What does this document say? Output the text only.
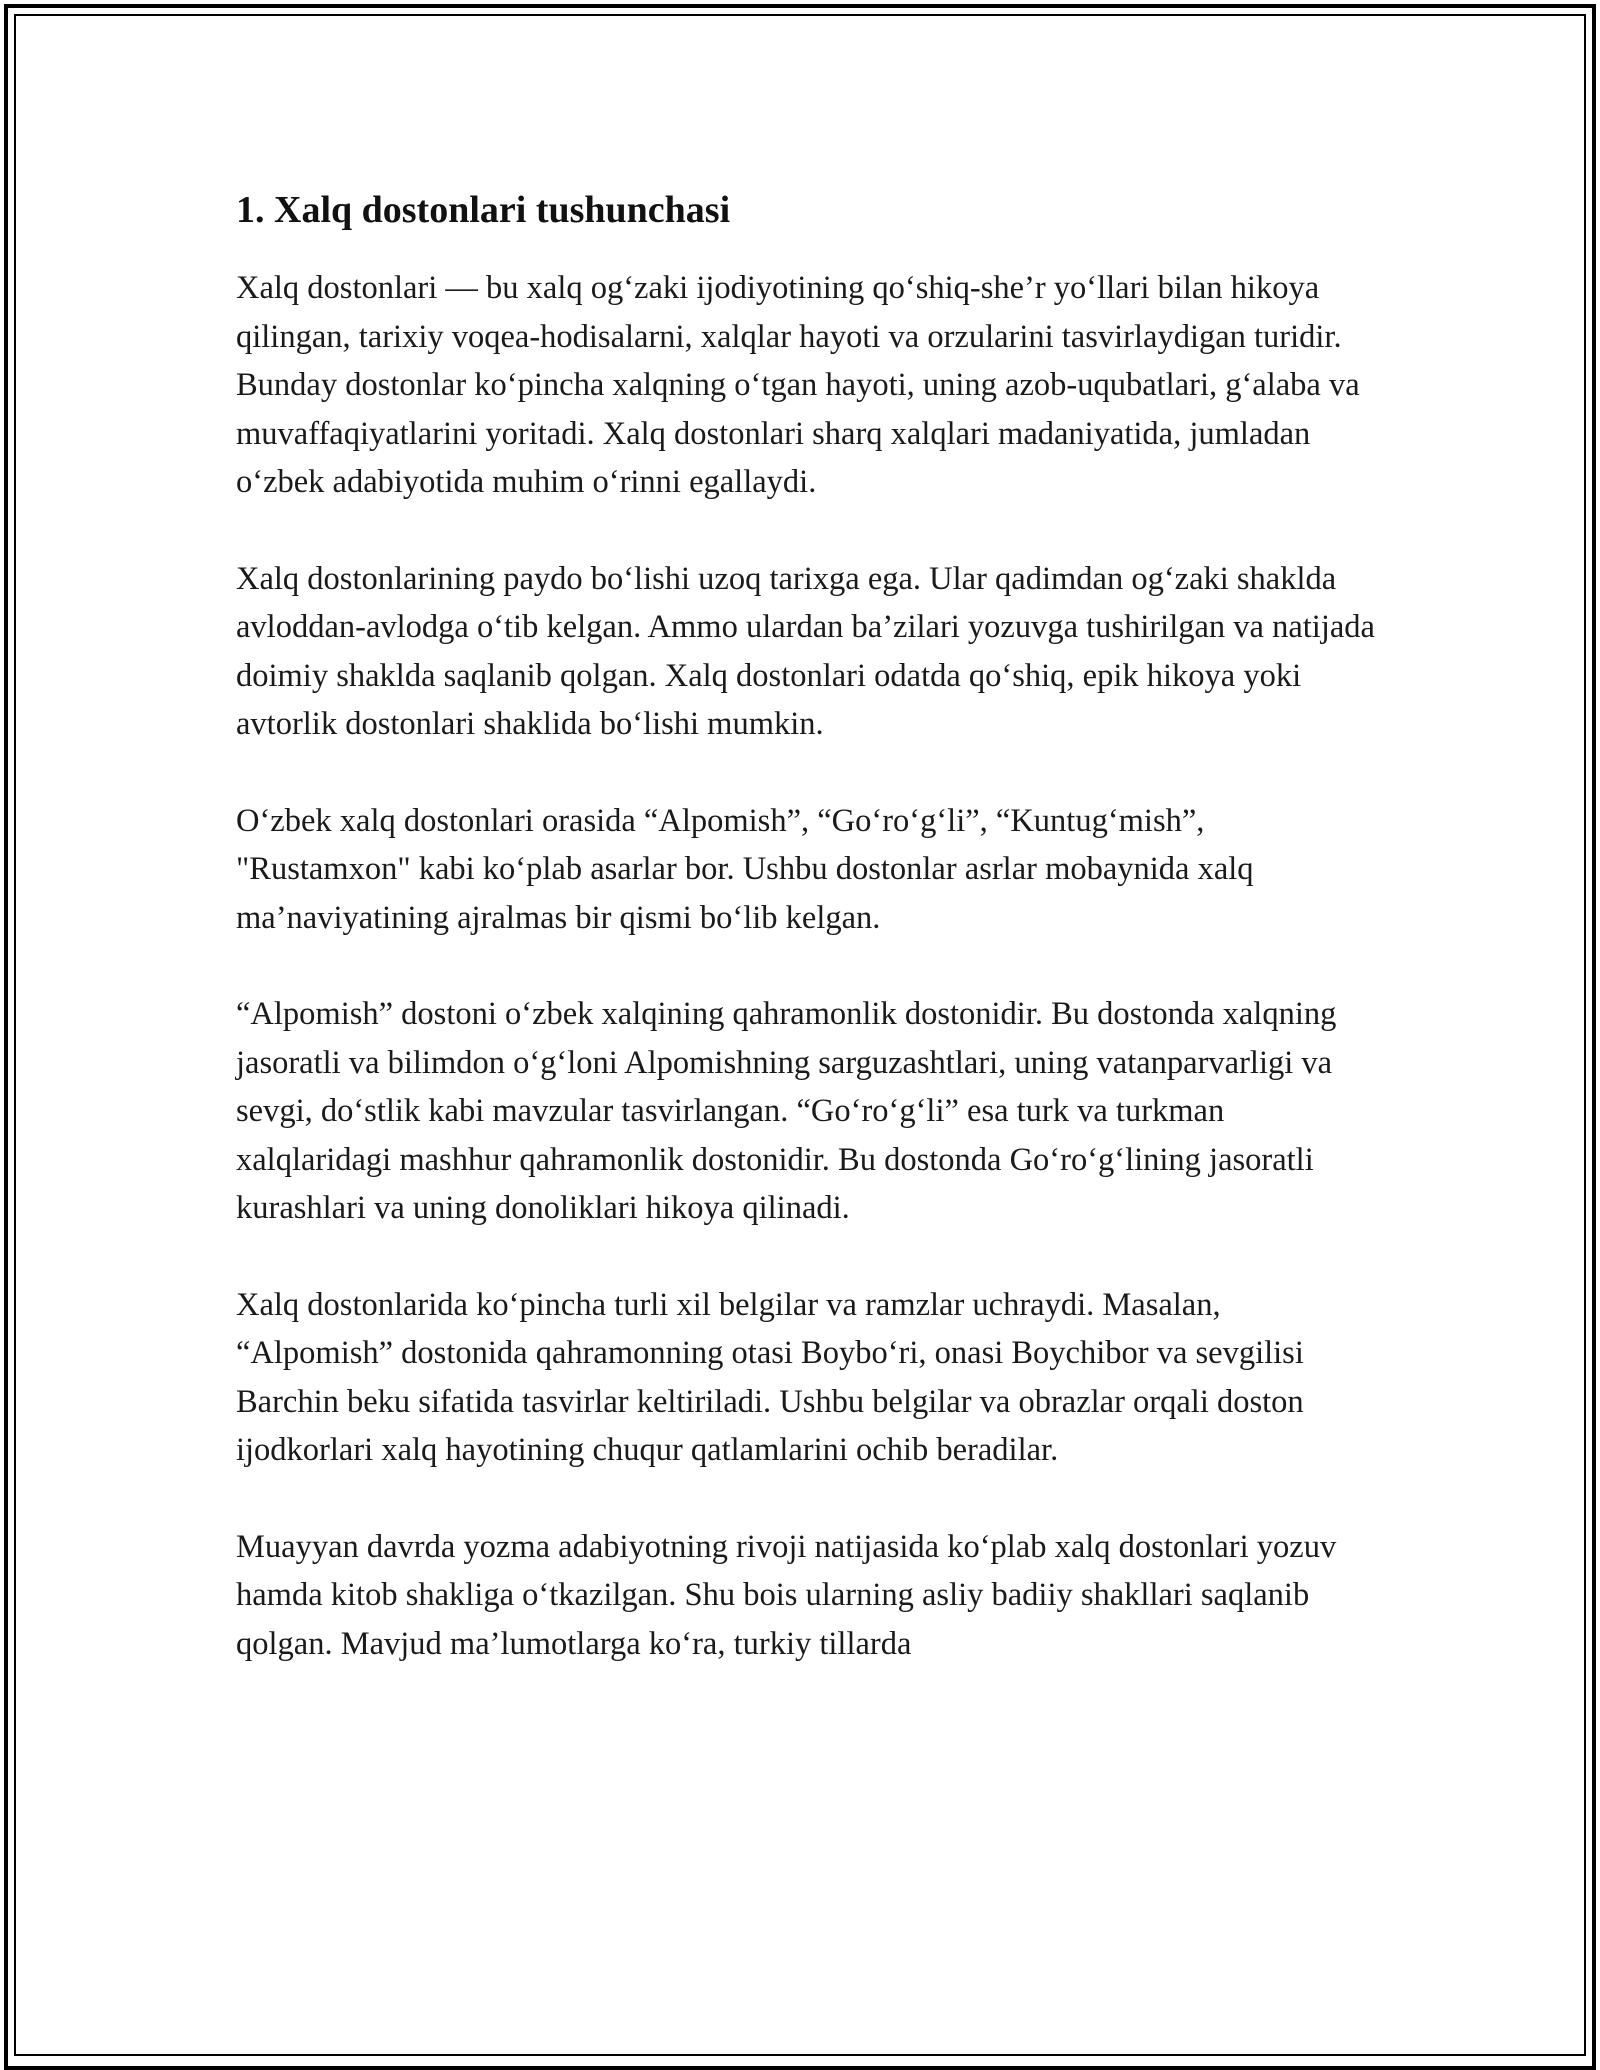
1. Xalq dostonlari tushunchasi

Xalq dostonlari — bu xalq og‘zaki ijodiyotining qo‘shiq-she’r yo‘llari bilan hikoya qilingan, tarixiy voqea-hodisalarni, xalqlar hayoti va orzularini tasvirlaydigan turidir. Bunday dostonlar ko‘pincha xalqning o‘tgan hayoti, uning azob-uqubatlari, g‘alaba va muvaffaqiyatlarini yoritadi. Xalq dostonlari sharq xalqlari madaniyatida, jumladan o‘zbek adabiyotida muhim o‘rinni egallaydi.

Xalq dostonlarining paydo bo‘lishi uzoq tarixga ega. Ular qadimdan og‘zaki shaklda avloddan-avlodga o‘tib kelgan. Ammo ulardan ba’zilari yozuvga tushirilgan va natijada doimiy shaklda saqlanib qolgan. Xalq dostonlari odatda qo‘shiq, epik hikoya yoki avtorlik dostonlari shaklida bo‘lishi mumkin.

O‘zbek xalq dostonlari orasida “Alpomish”, “Go‘ro‘g‘li”, “Kuntug‘mish”, "Rustamxon" kabi ko‘plab asarlar bor. Ushbu dostonlar asrlar mobaynida xalq ma’naviyatining ajralmas bir qismi bo‘lib kelgan.

“Alpomish” dostoni o‘zbek xalqining qahramonlik dostonidir. Bu dostonda xalqning jasoratli va bilimdon o‘g‘loni Alpomishning sarguzashtlari, uning vatanparvarligi va sevgi, do‘stlik kabi mavzular tasvirlangan. “Go‘ro‘g‘li” esa turk va turkman xalqlaridagi mashhur qahramonlik dostonidir. Bu dostonda Go‘ro‘g‘lining jasoratli kurashlari va uning donoliklari hikoya qilinadi.

Xalq dostonlarida ko‘pincha turli xil belgilar va ramzlar uchraydi. Masalan, “Alpomish” dostonida qahramonning otasi Boybo‘ri, onasi Boychibor va sevgilisi Barchin beku sifatida tasvirlar keltiriladi. Ushbu belgilar va obrazlar orqali doston ijodkorlari xalq hayotining chuqur qatlamlarini ochib beradilar.

Muayyan davrda yozma adabiyotning rivoji natijasida ko‘plab xalq dostonlari yozuv hamda kitob shakliga o‘tkazilgan. Shu bois ularning asliy badiiy shakllari saqlanib qolgan. Mavjud ma’lumotlarga ko‘ra, turkiy tillarda
